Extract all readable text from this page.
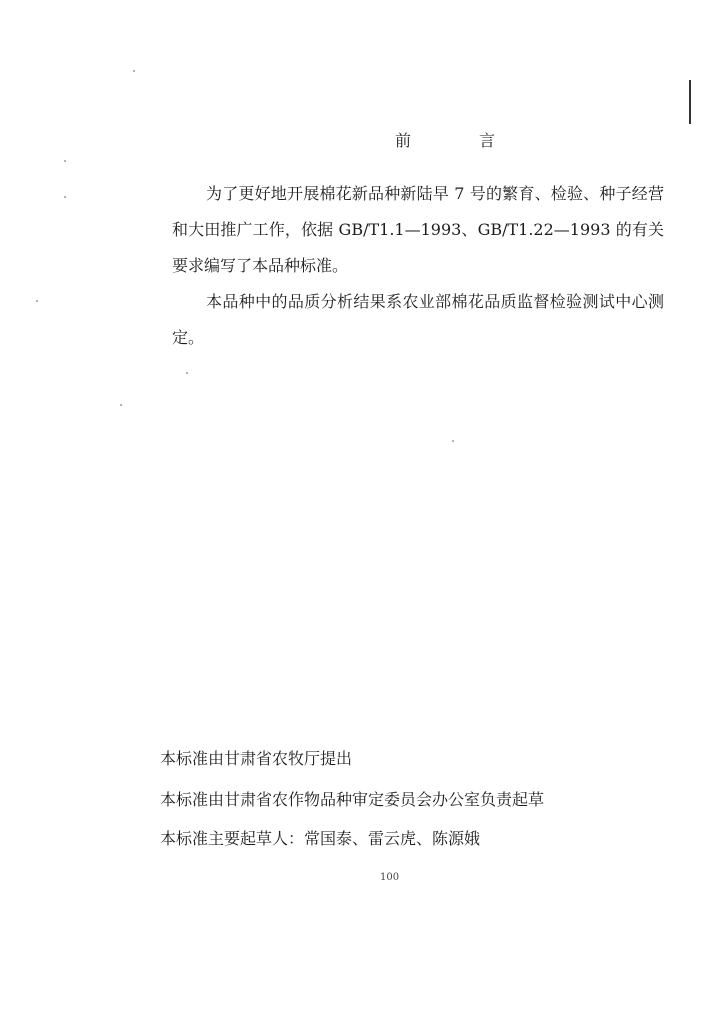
前　言

为了更好地开展棉花新品种新陆早 7 号的繁育、检验、种子经营和大田推广工作，依据 GB/T1.1—1993、GB/T1.22—1993 的有关要求编写了本品种标准。

本品种中的品质分析结果系农业部棉花品质监督检验测试中心测定。

本标准由甘肃省农牧厅提出
本标准由甘肃省农作物品种审定委员会办公室负责起草
本标准主要起草人：常国泰、雷云虎、陈源娥
100
